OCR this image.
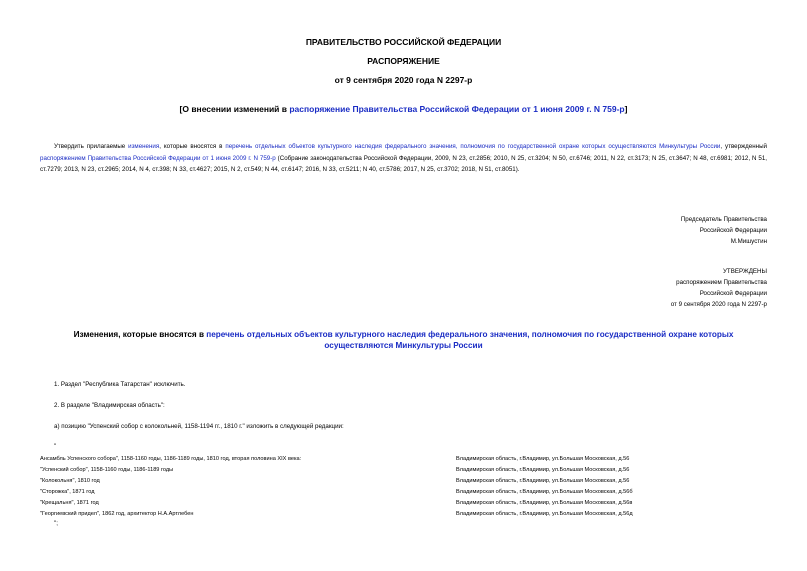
ПРАВИТЕЛЬСТВО РОССИЙСКОЙ ФЕДЕРАЦИИ
РАСПОРЯЖЕНИЕ
от 9 сентября 2020 года N 2297-р
[О внесении изменений в распоряжение Правительства Российской Федерации от 1 июня 2009 г. N 759-р]
Утвердить прилагаемые изменения, которые вносятся в перечень отдельных объектов культурного наследия федерального значения, полномочия по государственной охране которых осуществляются Минкультуры России, утвержденный распоряжением Правительства Российской Федерации от 1 июня 2009 г. N 759-р (Собрание законодательства Российской Федерации, 2009, N 23, ст.2856; 2010, N 25, ст.3204; N 50, ст.6746; 2011, N 22, ст.3173; N 25, ст.3647; N 48, ст.6981; 2012, N 51, ст.7279; 2013, N 23, ст.2965; 2014, N 4, ст.398; N 33, ст.4627; 2015, N 2, ст.549; N 44, ст.6147; 2016, N 33, ст.5211; N 40, ст.5786; 2017, N 25, ст.3702; 2018, N 51, ст.8051).
Председатель Правительства
Российской Федерации
М.Мишустин
УТВЕРЖДЕНЫ
распоряжением Правительства
Российской Федерации
от 9 сентября 2020 года N 2297-р
Изменения, которые вносятся в перечень отдельных объектов культурного наследия федерального значения, полномочия по государственной охране которых осуществляются Минкультуры России
1. Раздел "Республика Татарстан" исключить.
2. В разделе "Владимирская область":
а) позицию "Успенский собор с колокольней, 1158-1194 гг., 1810 г." изложить в следующей редакции:
"
Ансамбль Успенского собора", 1158-1160 годы, 1186-1189 годы, 1810 год, вторая половина XIX века:	Владимирская область, г.Владимир, ул.Большая Московская, д.56
"Успенский собор", 1158-1160 годы, 1186-1189 годы	Владимирская область, г.Владимир, ул.Большая Московская, д.56
"Колокольня", 1810 год	Владимирская область, г.Владимир, ул.Большая Московская, д.56
"Сторожка", 1871 год	Владимирская область, г.Владимир, ул.Большая Московская, д.56б
"Крещальня", 1871 год	Владимирская область, г.Владимир, ул.Большая Московская, д.56в
"Георгиевский придел", 1862 год, архитектор Н.А.Артлебен	Владимирская область, г.Владимир, ул.Большая Московская, д.56д
";
